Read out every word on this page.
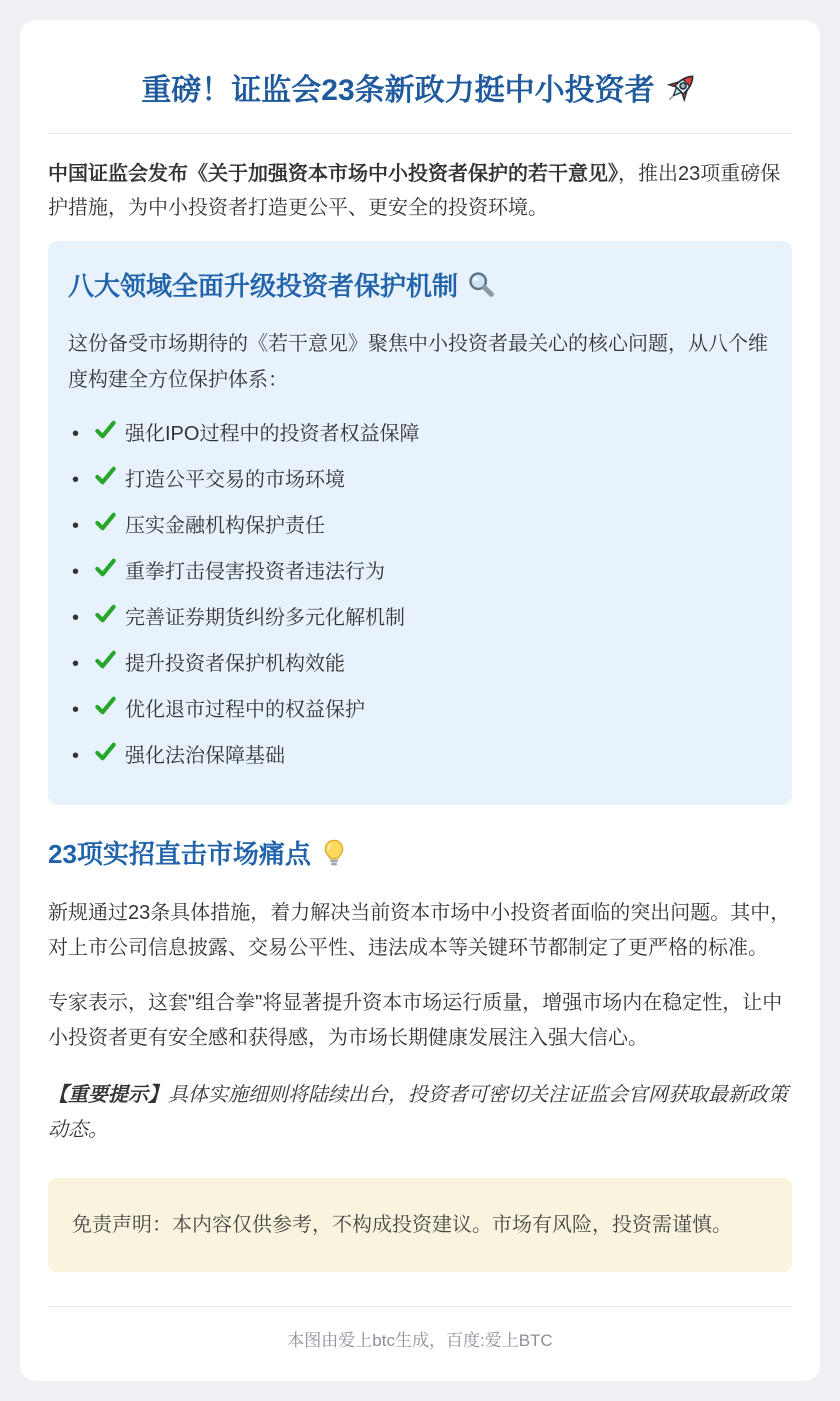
重磅！证监会23条新政力挺中小投资者

中国证监会发布《关于加强资本市场中小投资者保护的若干意见》，推出23项重磅保护措施，为中小投资者打造更公平、更安全的投资环境。

八大领域全面升级投资者保护机制

这份备受市场期待的《若干意见》聚焦中小投资者最关心的核心问题，从八个维度构建全方位保护体系：

•	强化IPO过程中的投资者权益保障
•	打造公平交易的市场环境
•	压实金融机构保护责任
•	重拳打击侵害投资者违法行为
•	完善证券期货纠纷多元化解机制
•	提升投资者保护机构效能
•	优化退市过程中的权益保护
•	强化法治保障基础
23项实招直击市场痛点

新规通过23条具体措施，着力解决当前资本市场中小投资者面临的突出问题。其中，对上市公司信息披露、交易公平性、违法成本等关键环节都制定了更严格的标准。

专家表示，这套"组合拳"将显著提升资本市场运行质量，增强市场内在稳定性，让中小投资者更有安全感和获得感，为市场长期健康发展注入强大信心。

【重要提示】具体实施细则将陆续出台，投资者可密切关注证监会官网获取最新政策动态。

免责声明：本内容仅供参考，不构成投资建议。市场有风险，投资需谨慎。

本图由爱上btc生成，百度:爱上BTC
